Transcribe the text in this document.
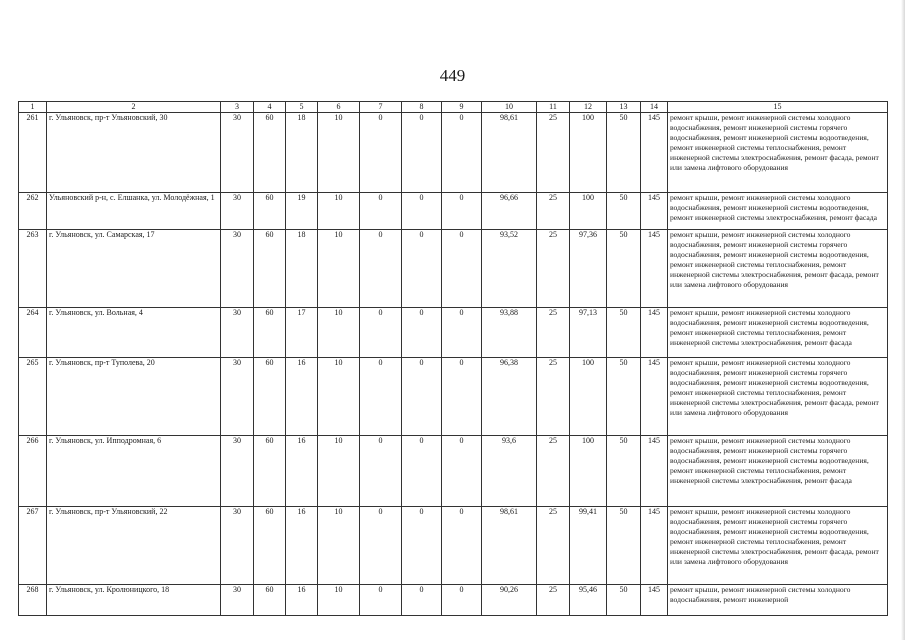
449
1	2	3	4	5	6	7	8	9	10	11	12	13	14	15
261	г. Ульяновск, пр-т Ульяновский, 30	30	60	18	10	0	0	0	98,61	25	100	50	145	ремонт крыши, ремонт инженерной системы холодного водоснабжения, ремонт инженерной системы горячего водоснабжения, ремонт инженерной системы водоотведения, ремонт инженерной системы теплоснабжения, ремонт инженерной системы электроснабжения, ремонт фасада, ремонт или замена лифтового оборудования
262	Ульяновский р-н, с. Елшанка, ул. Молодёжная, 1	30	60	19	10	0	0	0	96,66	25	100	50	145	ремонт крыши, ремонт инженерной системы холодного водоснабжения, ремонт инженерной системы водоотведения, ремонт инженерной системы электроснабжения, ремонт фасада
263	г. Ульяновск, ул. Самарская, 17	30	60	18	10	0	0	0	93,52	25	97,36	50	145	ремонт крыши, ремонт инженерной системы холодного водоснабжения, ремонт инженерной системы горячего водоснабжения, ремонт инженерной системы водоотведения, ремонт инженерной системы теплоснабжения, ремонт инженерной системы электроснабжения, ремонт фасада, ремонт или замена лифтового оборудования
264	г. Ульяновск, ул. Вольная, 4	30	60	17	10	0	0	0	93,88	25	97,13	50	145	ремонт крыши, ремонт инженерной системы холодного водоснабжения, ремонт инженерной системы водоотведения, ремонт инженерной системы теплоснабжения, ремонт инженерной системы электроснабжения, ремонт фасада
265	г. Ульяновск, пр-т Туполева, 20	30	60	16	10	0	0	0	96,38	25	100	50	145	ремонт крыши, ремонт инженерной системы холодного водоснабжения, ремонт инженерной системы горячего водоснабжения, ремонт инженерной системы водоотведения, ремонт инженерной системы теплоснабжения, ремонт инженерной системы электроснабжения, ремонт фасада, ремонт или замена лифтового оборудования
266	г. Ульяновск, ул. Ипподромная, 6	30	60	16	10	0	0	0	93,6	25	100	50	145	ремонт крыши, ремонт инженерной системы холодного водоснабжения, ремонт инженерной системы горячего водоснабжения, ремонт инженерной системы водоотведения, ремонт инженерной системы теплоснабжения, ремонт инженерной системы электроснабжения, ремонт фасада
267	г. Ульяновск, пр-т Ульяновский, 22	30	60	16	10	0	0	0	98,61	25	99,41	50	145	ремонт крыши, ремонт инженерной системы холодного водоснабжения, ремонт инженерной системы горячего водоснабжения, ремонт инженерной системы водоотведения, ремонт инженерной системы теплоснабжения, ремонт инженерной системы электроснабжения, ремонт фасада, ремонт или замена лифтового оборудования
268	г. Ульяновск, ул. Кролюницкого, 18	30	60	16	10	0	0	0	90,26	25	95,46	50	145	ремонт крыши, ремонт инженерной системы холодного водоснабжения, ремонт инженерной
